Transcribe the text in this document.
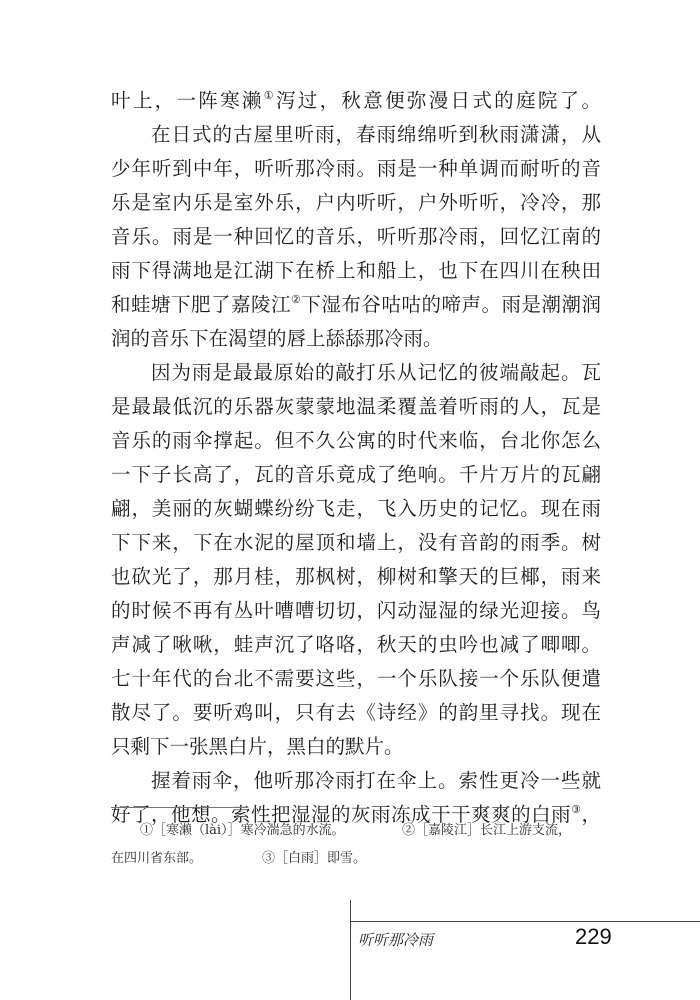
叶上，一阵寒濑①泻过，秋意便弥漫日式的庭院了。
在日式的古屋里听雨，春雨绵绵听到秋雨潇潇，从
少年听到中年，听听那冷雨。雨是一种单调而耐听的音
乐是室内乐是室外乐，户内听听，户外听听，冷冷，那
音乐。雨是一种回忆的音乐，听听那冷雨，回忆江南的
雨下得满地是江湖下在桥上和船上，也下在四川在秧田
和蛙塘下肥了嘉陵江②下湿布谷咕咕的啼声。雨是潮潮润
润的音乐下在渴望的唇上舔舔那冷雨。
因为雨是最最原始的敲打乐从记忆的彼端敲起。瓦
是最最低沉的乐器灰蒙蒙地温柔覆盖着听雨的人，瓦是
音乐的雨伞撑起。但不久公寓的时代来临，台北你怎么
一下子长高了，瓦的音乐竟成了绝响。千片万片的瓦翩
翩，美丽的灰蝴蝶纷纷飞走，飞入历史的记忆。现在雨
下下来，下在水泥的屋顶和墙上，没有音韵的雨季。树
也砍光了，那月桂，那枫树，柳树和擎天的巨椰，雨来
的时候不再有丛叶嘈嘈切切，闪动湿湿的绿光迎接。鸟
声减了啾啾，蛙声沉了咯咯，秋天的虫吟也减了唧唧。
七十年代的台北不需要这些，一个乐队接一个乐队便遣
散尽了。要听鸡叫，只有去《诗经》的韵里寻找。现在
只剩下一张黑白片，黑白的默片。
握着雨伞，他听那冷雨打在伞上。索性更冷一些就
好了，他想。索性把湿湿的灰雨冻成干干爽爽的白雨③，
①［寒濑（lài）］寒冷湍急的水流。	②［嘉陵江］长江上游支流，
在四川省东部。	③［白雨］即雪。
听听那冷雨	229
